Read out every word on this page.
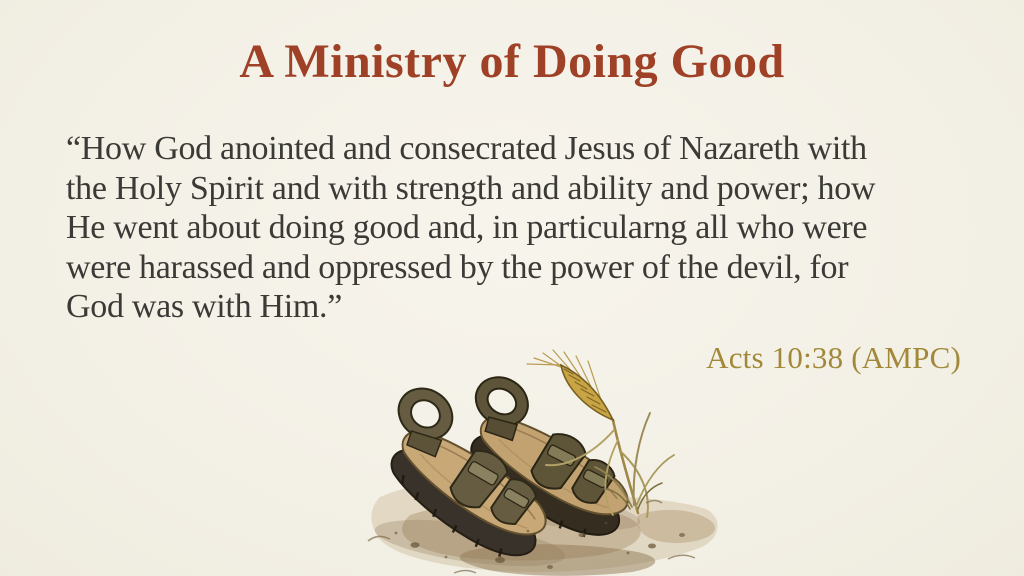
A Ministry of Doing Good
“How God anointed and consecrated Jesus of Nazareth with
the Holy Spirit and with strength and ability and power; how
He went about doing good and, in particularng all who were
were harassed and oppressed by the power of the devil, for
God was with Him.”
Acts 10:38 (AMPC)
